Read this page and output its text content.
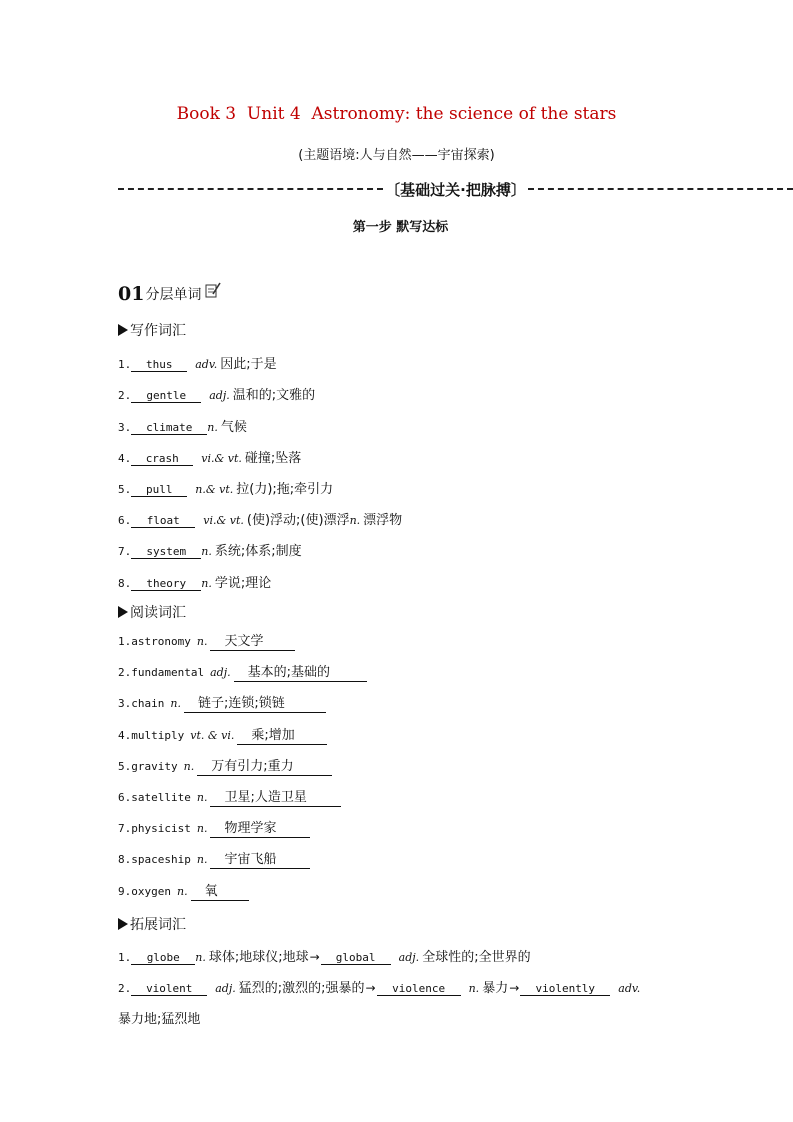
Book 3  Unit 4  Astronomy: the science of the stars
(主题语境:人与自然——宇宙探索)
〔基础过关·把脉搏〕
第一步 默写达标
01 分层单词
写作词汇
1.	thus	adv. 因此;于是
2.	gentle	adj. 温和的;文雅的
3.	climate	n. 气候
4.	crash	vi.& vt. 碰撞;坠落
5.	pull	n.& vt. 拉(力);拖;牵引力
6.	float	vi.& vt. (使)浮动;(使)漂浮 n. 漂浮物
7.	system	n. 系统;体系;制度
8.	theory	n. 学说;理论
阅读词汇
1. astronomy n.	天文学
2. fundamental adj.	基本的;基础的
3. chain n.	链子;连锁;锁链
4. multiply vt. & vi.	乘;增加
5. gravity n.	万有引力;重力
6. satellite n.	卫星;人造卫星
7. physicist n.	物理学家
8. spaceship n.	宇宙飞船
9. oxygen n.	氧
拓展词汇
1.	globe	n. 球体;地球仪;地球 →	global	adj. 全球性的;全世界的
2.	violent	adj. 猛烈的;激烈的;强暴的 →	violence	n. 暴力 →	violently	adv.
暴力地;猛烈地
